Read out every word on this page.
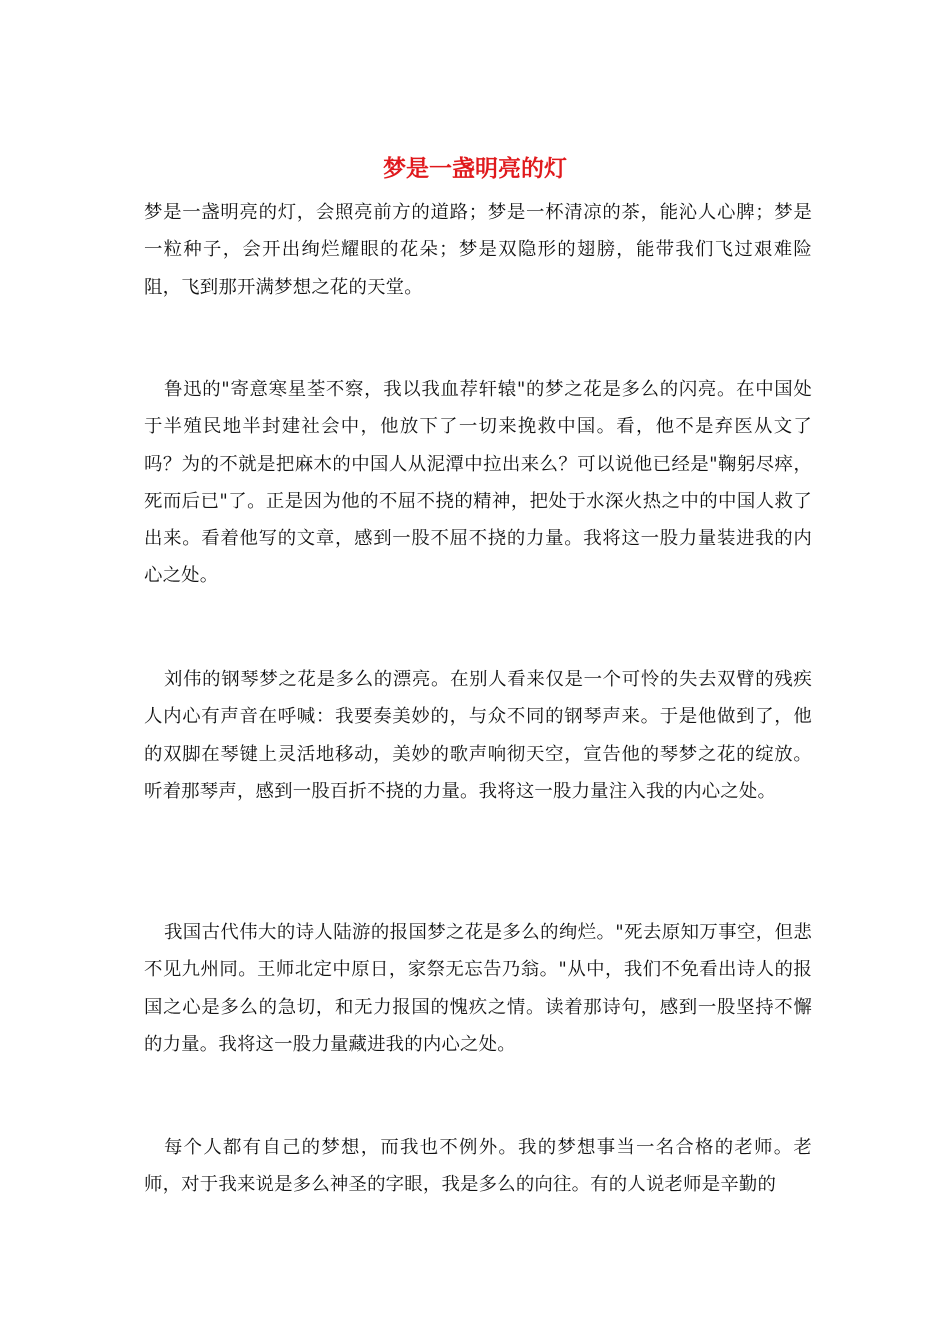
梦是一盏明亮的灯

梦是一盏明亮的灯，会照亮前方的道路；梦是一杯清凉的茶，能沁人心脾；梦是一粒种子，会开出绚烂耀眼的花朵；梦是双隐形的翅膀，能带我们飞过艰难险阻，飞到那开满梦想之花的天堂。

鲁迅的"寄意寒星荃不察，我以我血荐轩辕"的梦之花是多么的闪亮。在中国处于半殖民地半封建社会中，他放下了一切来挽救中国。看，他不是弃医从文了吗？为的不就是把麻木的中国人从泥潭中拉出来么？可以说他已经是"鞠躬尽瘁，死而后已"了。正是因为他的不屈不挠的精神，把处于水深火热之中的中国人救了出来。看着他写的文章，感到一股不屈不挠的力量。我将这一股力量装进我的内心之处。

刘伟的钢琴梦之花是多么的漂亮。在别人看来仅是一个可怜的失去双臂的残疾人内心有声音在呼喊：我要奏美妙的，与众不同的钢琴声来。于是他做到了，他的双脚在琴键上灵活地移动，美妙的歌声响彻天空，宣告他的琴梦之花的绽放。听着那琴声，感到一股百折不挠的力量。我将这一股力量注入我的内心之处。

我国古代伟大的诗人陆游的报国梦之花是多么的绚烂。"死去原知万事空，但悲不见九州同。王师北定中原日，家祭无忘告乃翁。"从中，我们不免看出诗人的报国之心是多么的急切，和无力报国的愧疚之情。读着那诗句，感到一股坚持不懈的力量。我将这一股力量藏进我的内心之处。

每个人都有自己的梦想，而我也不例外。我的梦想事当一名合格的老师。老师，对于我来说是多么神圣的字眼，我是多么的向往。有的人说老师是辛勤的
